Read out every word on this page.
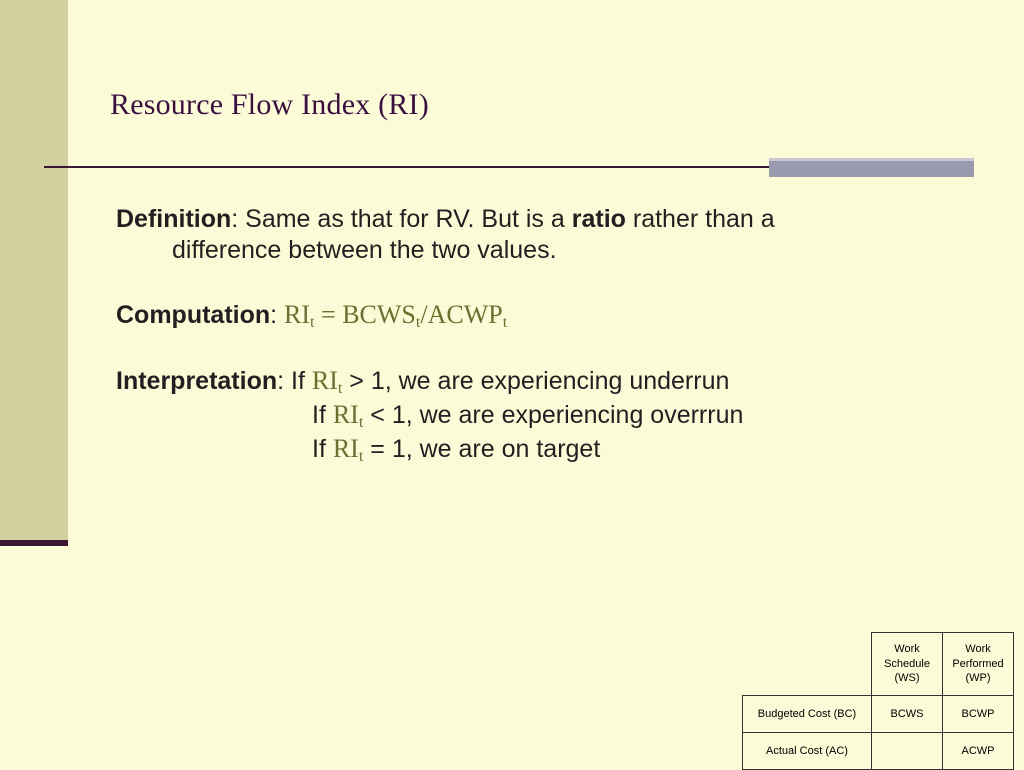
Resource Flow Index (RI)
Definition: Same as that for RV. But is a ratio rather than a
difference between the two values.
Computation: $RI_t$ = $BCWS_t/ACWP_t$
Interpretation: If $RI_t > 1$, we are experiencing underrun
If $RI_t < 1$, we are experiencing overrrun
If $RI_t = 1$, we are on target
	Work
Schedule
(WS)	Work
Performed
(WP)
Budgeted Cost (BC)	BCWS	BCWP
Actual Cost (AC)		ACWP
